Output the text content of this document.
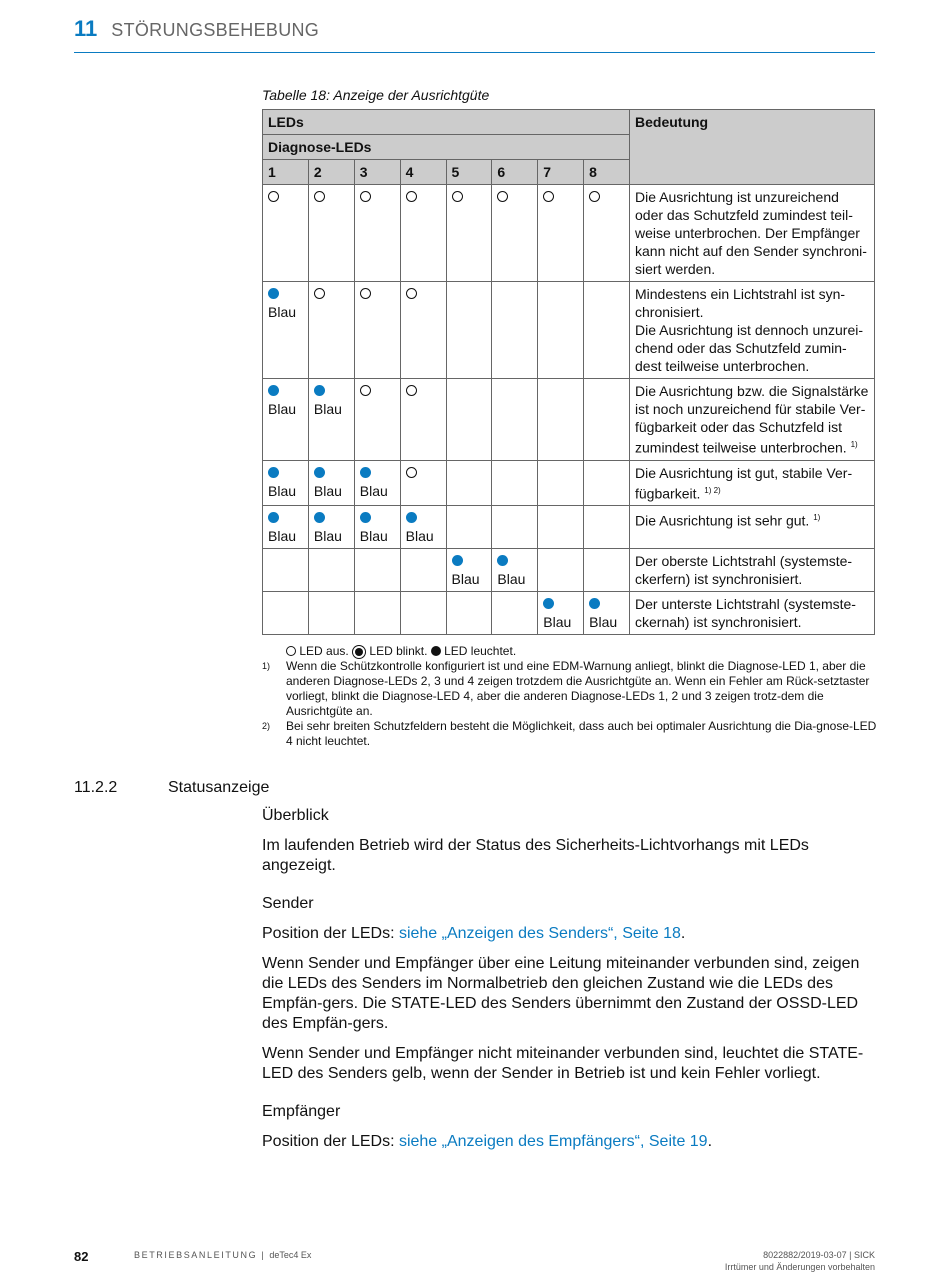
11 STÖRUNGSBEHEBUNG
Tabelle 18: Anzeige der Ausrichtgüte
LEDs								Bedeutung
Diagnose-LEDs								
1	2	3	4	5	6	7	8	
								Die Ausrichtung ist unzureichend
oder das Schutzfeld zumindest teil-
weise unterbrochen. Der Empfänger
kann nicht auf den Sender synchroni-
siert werden.

Blau								Mindestens ein Lichtstrahl ist syn-
chronisiert.
Die Ausrichtung ist dennoch unzurei-
chend oder das Schutzfeld zumin-
dest teilweise unterbrochen.

Blau	Blau							Die Ausrichtung bzw. die Signalstärke
ist noch unzureichend für stabile Ver-
fügbarkeit oder das Schutzfeld ist
zumindest teilweise unterbrochen. $^{1)}$

Blau	Blau	Blau						Die Ausrichtung ist gut, stabile Ver-
fügbarkeit. $^{1) 2)}$

Blau	Blau	Blau	Blau					Die Ausrichtung ist sehr gut. $^{1)}$

				Blau	Blau			Der oberste Lichtstrahl (systemste-
ckerfern) ist synchronisiert.

						Blau	Blau	Der unterste Lichtstrahl (systemste-
ckernah) ist synchronisiert.
LED aus. LED blinkt. LED leuchtet.
1)	Wenn die Schützkontrolle konfiguriert ist und eine EDM-Warnung anliegt, blinkt die Diagnose-LED 1, aber die anderen Diagnose-LEDs 2, 3 und 4 zeigen trotzdem die Ausrichtgüte an. Wenn ein Fehler am Rück-setztaster vorliegt, blinkt die Diagnose-LED 4, aber die anderen Diagnose-LEDs 1, 2 und 3 zeigen trotz-dem die Ausrichtgüte an.
2)	Bei sehr breiten Schutzfeldern besteht die Möglichkeit, dass auch bei optimaler Ausrichtung die Dia-gnose-LED 4 nicht leuchtet.
11.2.2	Statusanzeige
Überblick

Im laufenden Betrieb wird der Status des Sicherheits-Lichtvorhangs mit LEDs angezeigt.

Sender

Position der LEDs: siehe „Anzeigen des Senders“, Seite 18.

Wenn Sender und Empfänger über eine Leitung miteinander verbunden sind, zeigen die LEDs des Senders im Normalbetrieb den gleichen Zustand wie die LEDs des Empfän-gers. Die STATE-LED des Senders übernimmt den Zustand der OSSD-LED des Empfän-gers.

Wenn Sender und Empfänger nicht miteinander verbunden sind, leuchtet die STATE-LED des Senders gelb, wenn der Sender in Betrieb ist und kein Fehler vorliegt.

Empfänger

Position der LEDs: siehe „Anzeigen des Empfängers“, Seite 19.

82	BETRIEBSANLEITUNG | deTec4 Ex	8022882/2019-03-07 | SICK
Irrtümer und Änderungen vorbehalten
